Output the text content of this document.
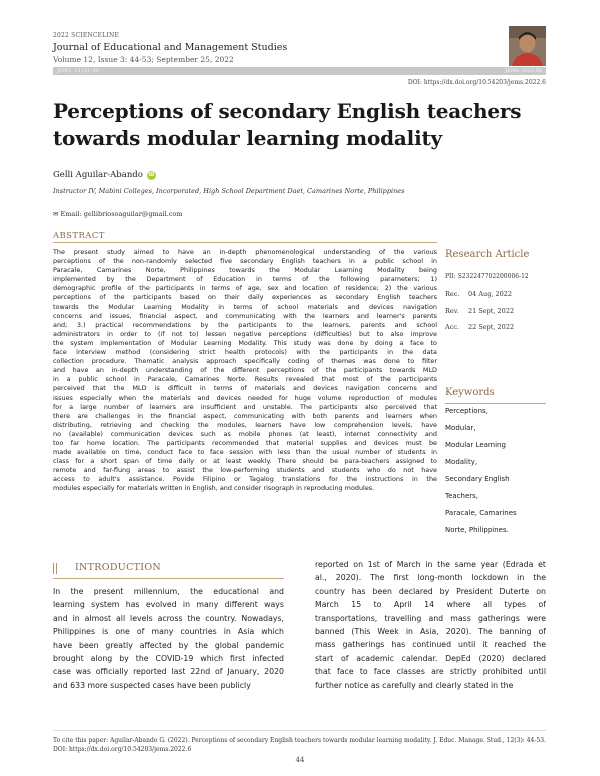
2022 SCIENCELINE
Journal of Educational and Management Studies
Volume 12, Issue 3: 44-53; September 25, 2022
JEMS, 12 (3): 44	JEMS-2022-06
DOI: https://dx.doi.org/10.54203/jems.2022.6
Perceptions of secondary English teachers towards modular learning modality
Gelli Aguilar-Abando	iD
Instructor IV, Mabini Colleges, Incorporated, High School Department Daet, Camarines Norte, Philippines
✉ Email: gellibriosoaguilar@gmail.com
ABSTRACT

The present study aimed to have an in-depth phenomenological understanding of the various

perceptions of the non-randomly selected five secondary English teachers in a public school in

Paracale, Camarines Norte, Philippines towards the Modular Learning Modality being

implemented by the Department of Education in terms of the following parameters; 1)

demographic profile of the participants in terms of age, sex and location of residence; 2) the various

perceptions of the participants based on their daily experiences as secondary English teachers

towards the Modular Learning Modality in terms of school materials and devices navigation

concerns and issues, financial aspect, and communicating with the learners and learner's parents

and; 3.) practical recommendations by the participants to the learners, parents and school

administrators in order to (if not to) lessen negative perceptions (difficulties) but to also improve

the system implementation of Modular Learning Modality. This study was done by doing a face to

face interview method (considering strict health protocols) with the participants in the data

collection procedure. Thematic analysis approach specifically coding of themes was done to filter

and have an in-depth understanding of the different perceptions of the participants towards MLD

in a public school in Paracale, Camarines Norte. Results revealed that most of the participants

perceived that the MLD is difficult in terms of materials and devices navigation concerns and

issues especially when the materials and devices needed for huge volume reproduction of modules

for a large number of learners are insufficient and unstable. The participants also perceived that

there are challenges in the financial aspect, communicating with both parents and learners when

distributing, retrieving and checking the modules, learners have low comprehension levels, have

no (available) communication devices such as mobile phones (at least), internet connectivity and

too far home location. The participants recommended that material supplies and devices must be

made available on time, conduct face to face session with less than the usual number of students in

class for a short span of time daily or at least weekly. There should be para-teachers assigned to

remote and far-flung areas to assist the low-performing students and students who do not have

access to adult's assistance. Povide Filipino or Tagalog translations for the instructions in the

modules especially for materials written in English, and consider risograph in reproducing modules.

Research Article
PII: S232247702200006-12
Rec.	04 Aug, 2022
Rev.	21 Sept, 2022
Acc.	22 Sept, 2022
Keywords
Perceptions,
Modular,
Modular Learning
Modality,
Secondary English
Teachers,
Paracale, Camarines
Norte, Philippines.
INTRODUCTION

In the present millennium, the educational and

learning system has evolved in many different ways

and in almost all levels across the country. Nowadays,

Philippines is one of many countries in Asia which

have been greatly affected by the global pandemic

brought along by the COVID-19 which first infected

case was officially reported last 22nd of January, 2020

and 633 more suspected cases have been publicly

reported on 1st of March in the same year (Edrada et

al., 2020). The first long-month lockdown in the

country has been declared by President Duterte on

March 15 to April 14 where all types of

transportations, travelling and mass gatherings were

banned (This Week in Asia, 2020). The banning of

mass gatherings has continued until it reached the

start of academic calendar. DepEd (2020) declared

that face to face classes are strictly prohibited until

further notice as carefully and clearly stated in the

To cite this paper: Aguilar-Abando G. (2022). Perceptions of secondary English teachers towards modular learning modality. J. Educ. Manage. Stud., 12(3): 44-53. DOI: https://dx.doi.org/10.54203/jems.2022.6
44
